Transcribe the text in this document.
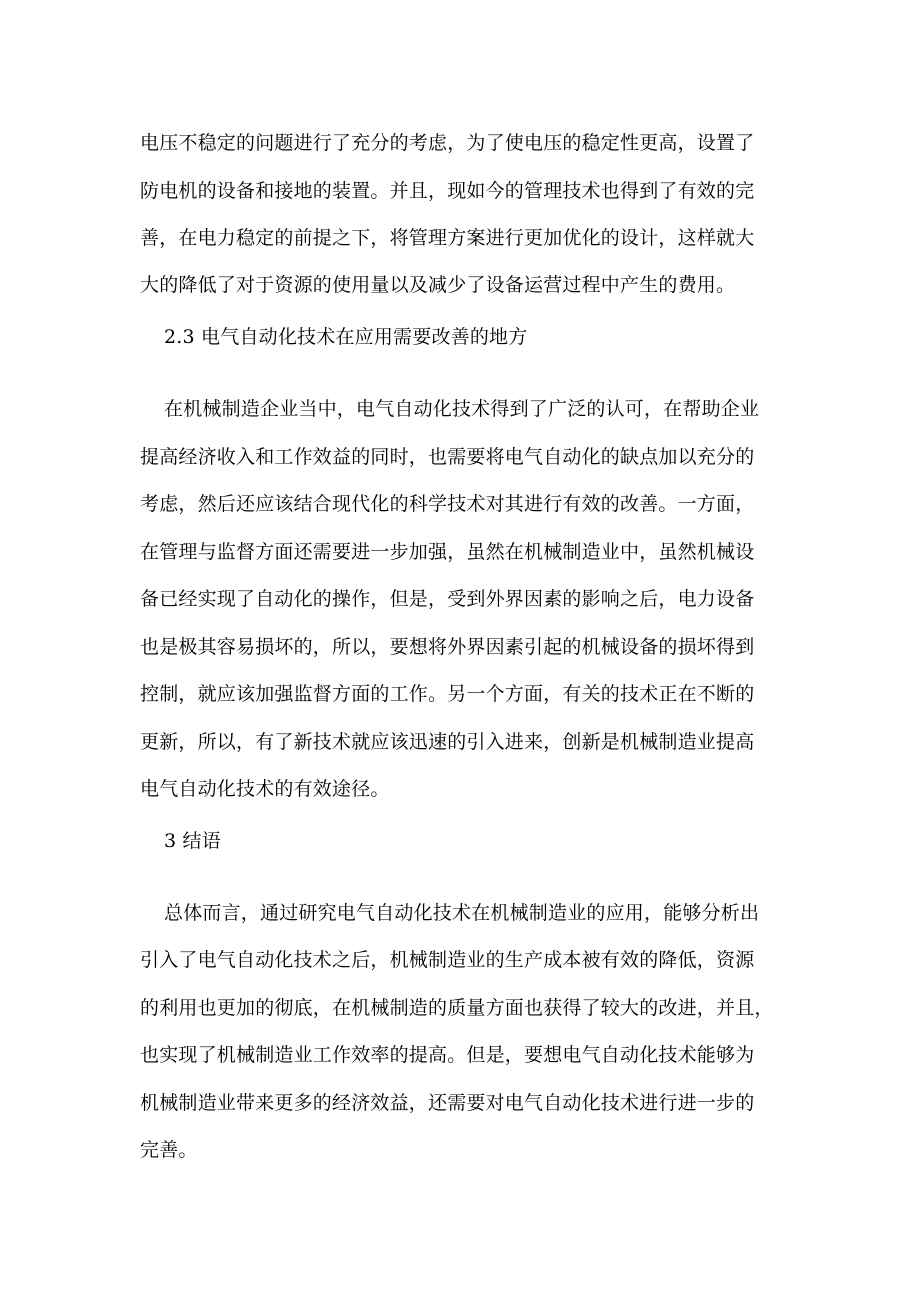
电压不稳定的问题进行了充分的考虑，为了使电压的稳定性更高，设置了
防电机的设备和接地的装置。并且，现如今的管理技术也得到了有效的完
善，在电力稳定的前提之下，将管理方案进行更加优化的设计，这样就大
大的降低了对于资源的使用量以及减少了设备运营过程中产生的费用。
2.3 电气自动化技术在应用需要改善的地方
在机械制造企业当中，电气自动化技术得到了广泛的认可，在帮助企业
提高经济收入和工作效益的同时，也需要将电气自动化的缺点加以充分的
考虑，然后还应该结合现代化的科学技术对其进行有效的改善。一方面，
在管理与监督方面还需要进一步加强，虽然在机械制造业中，虽然机械设
备已经实现了自动化的操作，但是，受到外界因素的影响之后，电力设备
也是极其容易损坏的，所以，要想将外界因素引起的机械设备的损坏得到
控制，就应该加强监督方面的工作。另一个方面，有关的技术正在不断的
更新，所以，有了新技术就应该迅速的引入进来，创新是机械制造业提高
电气自动化技术的有效途径。
3 结语
总体而言，通过研究电气自动化技术在机械制造业的应用，能够分析出
引入了电气自动化技术之后，机械制造业的生产成本被有效的降低，资源
的利用也更加的彻底，在机械制造的质量方面也获得了较大的改进，并且，
也实现了机械制造业工作效率的提高。但是，要想电气自动化技术能够为
机械制造业带来更多的经济效益，还需要对电气自动化技术进行进一步的
完善。
